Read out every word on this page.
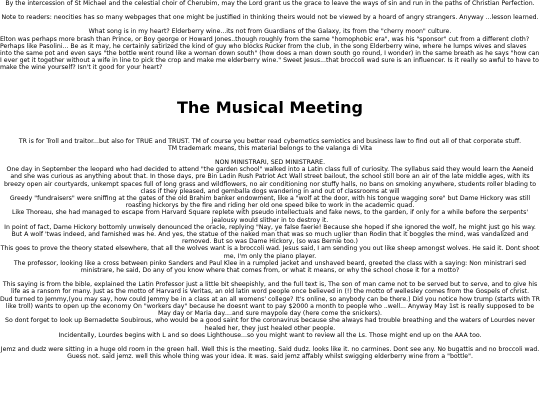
By the intercession of St Michael and the celestial choir of Cherubim, may the Lord grant us the grace to leave the ways of sin and run in the paths of Christian Perfection.

Note to readers: neocities has so many webpages that one might be justified in thinking theirs would not be viewed by a hoard of angry strangers. Anyway ...lesson learned.

What song is in my heart? Elderberry wine...its not from Guardians of the Galaxy, its from the "cherry moon" culture.

Elton was perhaps more brash than Prince, or Boy george or Howard Jones..though roughly from the same "homophobic era", was his "sponsor" cut from a different cloth? Perhaps like Pasolini... Be as it may, he certainly satirized the kind of guy who blocks Rucker from the club, in the song Elderberry wine, where he lumps wives and slaves into the same pot and even says "the bottle went round like a woman down south" (how does a man down south go round, I wonder) in the same breath as he says "how can I ever get it together without a wife in line to pick the crop and make me elderberry wine." Sweet Jesus...that broccoli wad sure is an influencer. Is it really so awful to have to make the wine yourself? Isn't it good for your heart?

The Musical Meeting

TR is for Troll and traitor...but also for TRUE and TRUST. TM of course you better read cybernetics semiotics and business law to find out all of that corporate stuff.

TM trademark means, this material belongs to the valanga di Vita

NON MINISTRARI, SED MINISTRARE.

One day in September the leopard who had decided to attend "the garden school" walked into a Latin class full of curiosity. The syllabus said they would learn the Aeneid and she was curious as anything about that. In those days, pre Bin Ladin Rush Patriot Act Wall street bailout, the school still bore an air of the late middle ages, with its breezy open air courtyards, unkempt spaces full of long grass and wildflowers, no air conditioning nor stuffy halls, no bans on smoking anywhere, students roller blading to class if they pleased, and gemballa dogs wandering in and out of classrooms at will

Greedy "fundraisers" were sniffing at the gates of the old Brahim banker endowment, like a "wolf at the door, with his tongue wagging sore" but Dame Hickory was still roasting hickorys by the fire and riding her old one speed bike to work in the academic quad.

Like Thoreau, she had managed to escape from Harvard Square replete with pseudo intellectuals and fake news, to the garden, if only for a while before the serpents' jealousy would slither in to destroy it.

In point of fact, Dame Hickory bottomly unwisely denounced the oracle, replying "Nay, ye false faerie! Because she hoped if she ignored the wolf, he might just go his way. But A wolf 'twas indeed, and famished was he. And yes, the statue of the naked man that was so much uglier than Rodin that it boggles the mind, was vandalized and removed. But so was Dame Hickory, (so was Bernie too.)

This goes to prove the theory stated elsewhere, that all the wolves want is a broccoli wad. Jesus said, I am sending you out like sheep amongst wolves. He said it. Dont shoot me, I'm only the piano player.

The professor, looking like a cross between pinko Sanders and Paul Klee in a rumpled jacket and unshaved beard, greeted the class with a saying: Non ministrari sed ministrare, he said, Do any of you know where that comes from, or what it means, or why the school chose it for a motto?

This saying is from the bible, explained the Latin Professor just a little bit sheepishly, and the full text is, The son of man came not to be served but to serve, and to give his life as a ransom for many. Just as the motto of Harvard is Veritas, an old latin word people once believed in (!) the motto of wellesley comes from the Gospels of christ.

Dud turned to Jemmy,(you may say, how could Jemmy be in a class at an all womens' college? It's online, so anybody can be there.) Did you notice how trump (starts with TR like troll) wants to open up the economy On "workers day" because he doesnt want to pay $2000 a month to people who ..well... Anyway May 1st is really supposed to be May day or Maria day....and sure maypole day (here come the snickers).

So dont forget to look up Bernadette Soubirous, who would be a good saint for the coronavirus because she always had trouble breathing and the waters of Lourdes never healed her, they just healed other people.

Incidentally, Lourdes begins with L and so does Lighthouse...so you might want to review all the Ls. Those might end up on the AAA too.

Jemz and dudz were sitting in a huge old room in the green hall. Well this is the meeting. Said dudz. looks like it. no carmines. Dont see any. No bugattis and no broccoli wad. Guess not. said jemz. well this whole thing was your idea. It was. said jemz affably whilst swigging elderberry wine from a "bottle".
